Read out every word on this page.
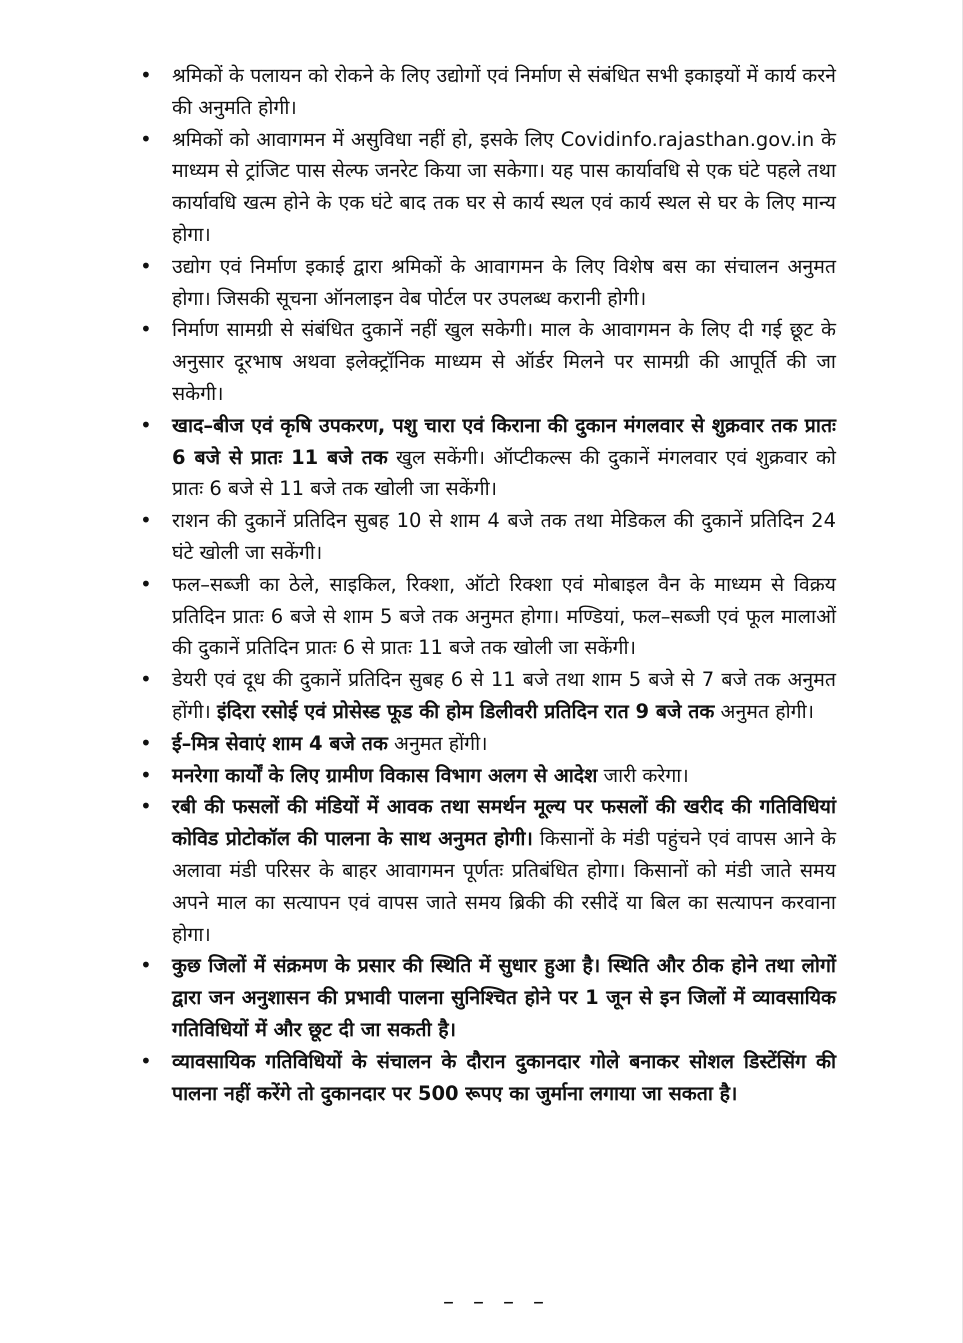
•	श्रमिकों के पलायन को रोकने के लिए उद्योगों एवं निर्माण से संबंधित सभी इकाइयों में कार्य करने की अनुमति होगी।
•	श्रमिकों को आवागमन में असुविधा नहीं हो, इसके लिए Covidinfo.rajasthan.gov.in के माध्यम से ट्रांजिट पास सेल्फ जनरेट किया जा सकेगा। यह पास कार्यावधि से एक घंटे पहले तथा कार्यावधि खत्म होने के एक घंटे बाद तक घर से कार्य स्थल एवं कार्य स्थल से घर के लिए मान्य होगा।
•	उद्योग एवं निर्माण इकाई द्वारा श्रमिकों के आवागमन के लिए विशेष बस का संचालन अनुमत होगा। जिसकी सूचना ऑनलाइन वेब पोर्टल पर उपलब्ध करानी होगी।
•	निर्माण सामग्री से संबंधित दुकानें नहीं खुल सकेगी। माल के आवागमन के लिए दी गई छूट के अनुसार दूरभाष अथवा इलेक्ट्रॉनिक माध्यम से ऑर्डर मिलने पर सामग्री की आपूर्ति की जा सकेगी।
•	खाद–बीज एवं कृषि उपकरण, पशु चारा एवं किराना की दुकान मंगलवार से शुक्रवार तक प्रातः 6 बजे से प्रातः 11 बजे तक खुल सकेंगी। ऑप्टीकल्स की दुकानें मंगलवार एवं शुक्रवार को प्रातः 6 बजे से 11 बजे तक खोली जा सकेंगी।
•	राशन की दुकानें प्रतिदिन सुबह 10 से शाम 4 बजे तक तथा मेडिकल की दुकानें प्रतिदिन 24 घंटे खोली जा सकेंगी।
•	फल–सब्जी का ठेले, साइकिल, रिक्शा, ऑटो रिक्शा एवं मोबाइल वैन के माध्यम से विक्रय प्रतिदिन प्रातः 6 बजे से शाम 5 बजे तक अनुमत होगा। मण्डियां, फल–सब्जी एवं फूल मालाओं की दुकानें प्रतिदिन प्रातः 6 से प्रातः 11 बजे तक खोली जा सकेंगी।
•	डेयरी एवं दूध की दुकानें प्रतिदिन सुबह 6 से 11 बजे तथा शाम 5 बजे से 7 बजे तक अनुमत होंगी। इंदिरा रसोई एवं प्रोसेस्ड फूड की होम डिलीवरी प्रतिदिन रात 9 बजे तक अनुमत होगी।
•	ई–मित्र सेवाएं शाम 4 बजे तक अनुमत होंगी।
•	मनरेगा कार्यों के लिए ग्रामीण विकास विभाग अलग से आदेश जारी करेगा।
•	रबी की फसलों की मंडियों में आवक तथा समर्थन मूल्य पर फसलों की खरीद की गतिविधियां कोविड प्रोटोकॉल की पालना के साथ अनुमत होगी। किसानों के मंडी पहुंचने एवं वापस आने के अलावा मंडी परिसर के बाहर आवागमन पूर्णतः प्रतिबंधित होगा। किसानों को मंडी जाते समय अपने माल का सत्यापन एवं वापस जाते समय ब्रिकी की रसीदें या बिल का सत्यापन करवाना होगा।
•	कुछ जिलों में संक्रमण के प्रसार की स्थिति में सुधार हुआ है। स्थिति और ठीक होने तथा लोगों द्वारा जन अनुशासन की प्रभावी पालना सुनिश्चित होने पर 1 जून से इन जिलों में व्यावसायिक गतिविधियों में और छूट दी जा सकती है।
•	व्यावसायिक गतिविधियों के संचालन के दौरान दुकानदार गोले बनाकर सोशल डिस्टेंसिंग की पालना नहीं करेंगे तो दुकानदार पर 500 रूपए का जुर्माना लगाया जा सकता है।
– – – –
